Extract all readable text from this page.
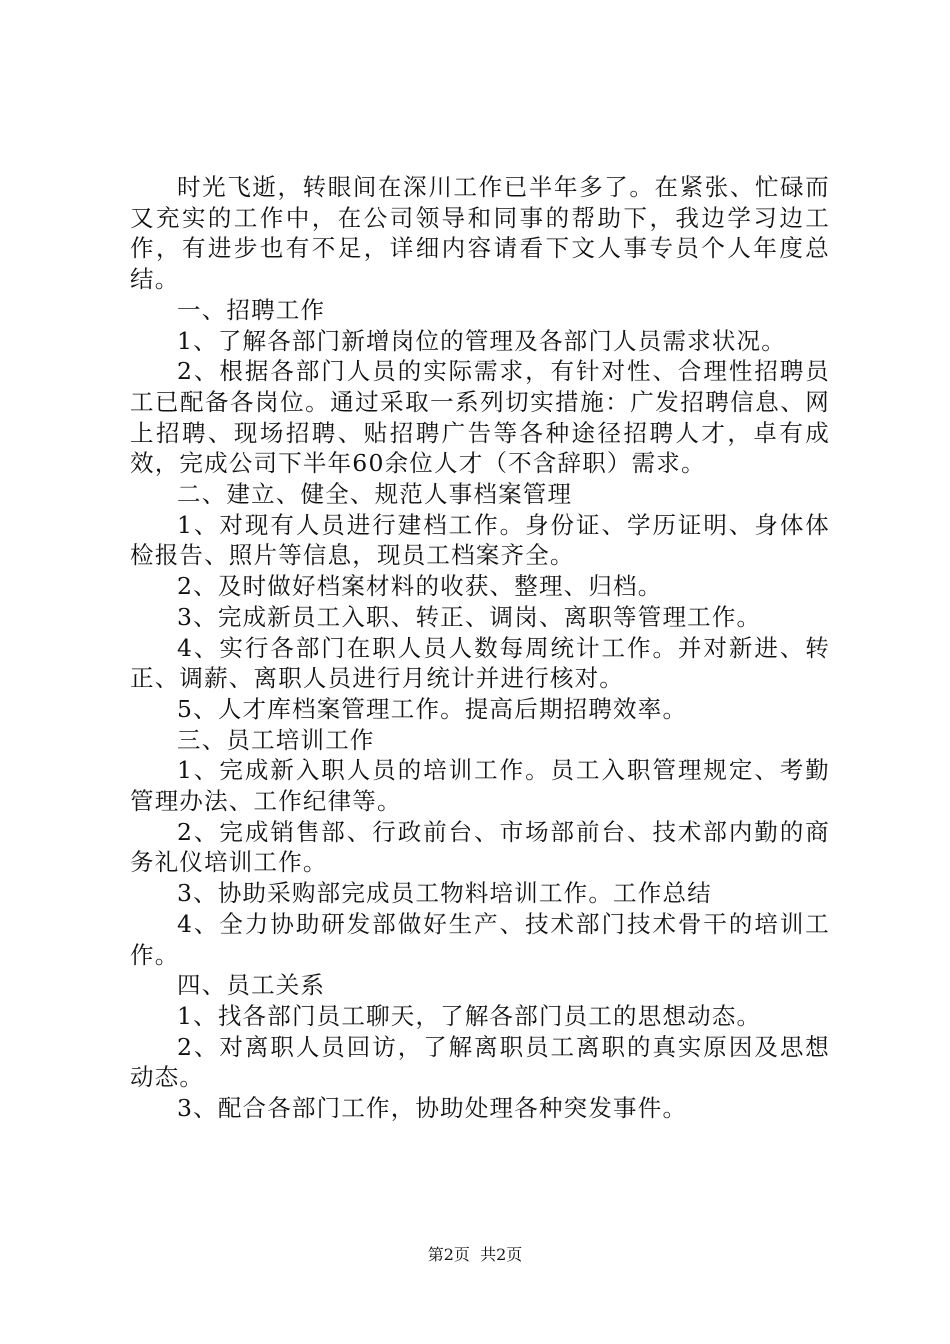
时光飞逝，转眼间在深川工作已半年多了。在紧张、忙碌而又充实的工作中，在公司领导和同事的帮助下，我边学习边工作，有进步也有不足，详细内容请看下文人事专员个人年度总结。

一、招聘工作

1、了解各部门新增岗位的管理及各部门人员需求状况。

2、根据各部门人员的实际需求，有针对性、合理性招聘员工已配备各岗位。通过采取一系列切实措施：广发招聘信息、网上招聘、现场招聘、贴招聘广告等各种途径招聘人才，卓有成效，完成公司下半年60余位人才（不含辞职）需求。

二、建立、健全、规范人事档案管理

1、对现有人员进行建档工作。身份证、学历证明、身体体检报告、照片等信息，现员工档案齐全。

2、及时做好档案材料的收获、整理、归档。

3、完成新员工入职、转正、调岗、离职等管理工作。

4、实行各部门在职人员人数每周统计工作。并对新进、转正、调薪、离职人员进行月统计并进行核对。

5、人才库档案管理工作。提高后期招聘效率。

三、员工培训工作

1、完成新入职人员的培训工作。员工入职管理规定、考勤管理办法、工作纪律等。

2、完成销售部、行政前台、市场部前台、技术部内勤的商务礼仪培训工作。

3、协助采购部完成员工物料培训工作。工作总结

4、全力协助研发部做好生产、技术部门技术骨干的培训工作。

四、员工关系

1、找各部门员工聊天，了解各部门员工的思想动态。

2、对离职人员回访，了解离职员工离职的真实原因及思想动态。

3、配合各部门工作，协助处理各种突发事件。

第2页  共2页
